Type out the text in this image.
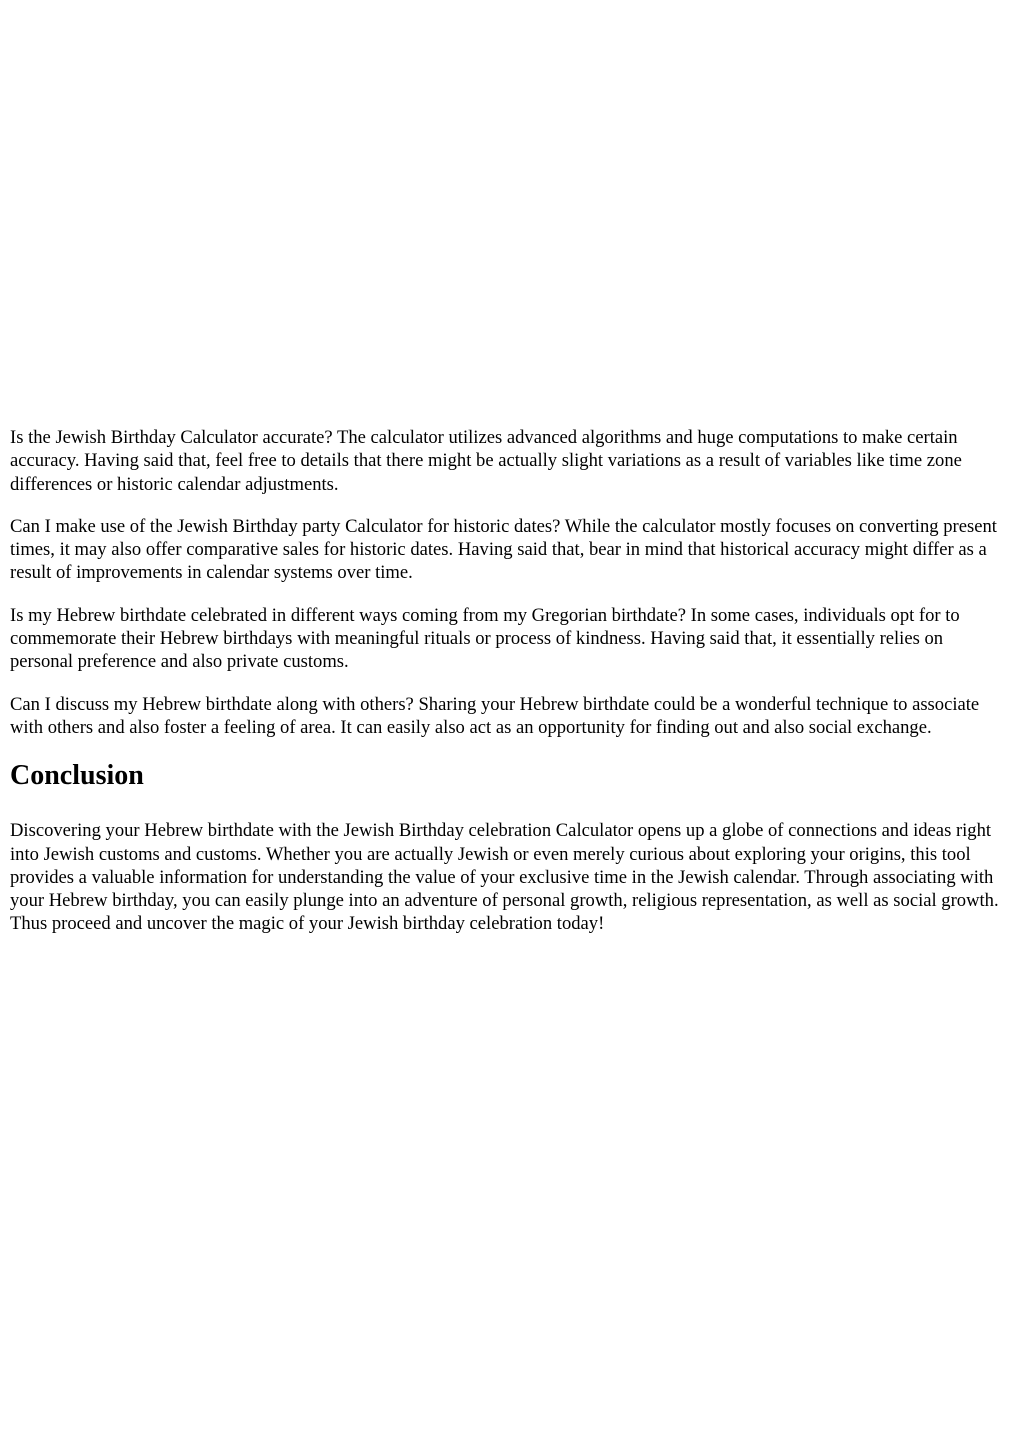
Is the Jewish Birthday Calculator accurate? The calculator utilizes advanced algorithms and huge computations to make certain accuracy. Having said that, feel free to details that there might be actually slight variations as a result of variables like time zone differences or historic calendar adjustments.

Can I make use of the Jewish Birthday party Calculator for historic dates? While the calculator mostly focuses on converting present times, it may also offer comparative sales for historic dates. Having said that, bear in mind that historical accuracy might differ as a result of improvements in calendar systems over time.

Is my Hebrew birthdate celebrated in different ways coming from my Gregorian birthdate? In some cases, individuals opt for to commemorate their Hebrew birthdays with meaningful rituals or process of kindness. Having said that, it essentially relies on personal preference and also private customs.

Can I discuss my Hebrew birthdate along with others? Sharing your Hebrew birthdate could be a wonderful technique to associate with others and also foster a feeling of area. It can easily also act as an opportunity for finding out and also social exchange.

Conclusion

Discovering your Hebrew birthdate with the Jewish Birthday celebration Calculator opens up a globe of connections and ideas right into Jewish customs and customs. Whether you are actually Jewish or even merely curious about exploring your origins, this tool provides a valuable information for understanding the value of your exclusive time in the Jewish calendar. Through associating with your Hebrew birthday, you can easily plunge into an adventure of personal growth, religious representation, as well as social growth. Thus proceed and uncover the magic of your Jewish birthday celebration today!
